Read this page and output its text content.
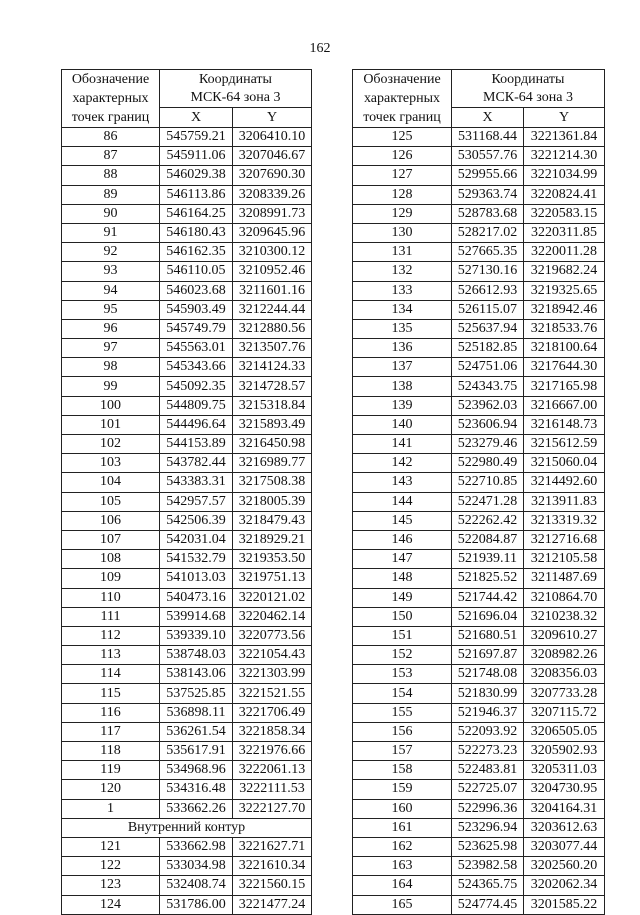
162
Обозначение
характерных
точек границ	Координаты	
	МСК-64 зона 3	
	X	Y
86	545759.21	3206410.10
87	545911.06	3207046.67
88	546029.38	3207690.30
89	546113.86	3208339.26
90	546164.25	3208991.73
91	546180.43	3209645.96
92	546162.35	3210300.12
93	546110.05	3210952.46
94	546023.68	3211601.16
95	545903.49	3212244.44
96	545749.79	3212880.56
97	545563.01	3213507.76
98	545343.66	3214124.33
99	545092.35	3214728.57
100	544809.75	3215318.84
101	544496.64	3215893.49
102	544153.89	3216450.98
103	543782.44	3216989.77
104	543383.31	3217508.38
105	542957.57	3218005.39
106	542506.39	3218479.43
107	542031.04	3218929.21
108	541532.79	3219353.50
109	541013.03	3219751.13
110	540473.16	3220121.02
111	539914.68	3220462.14
112	539339.10	3220773.56
113	538748.03	3221054.43
114	538143.06	3221303.99
115	537525.85	3221521.55
116	536898.11	3221706.49
117	536261.54	3221858.34
118	535617.91	3221976.66
119	534968.96	3222061.13
120	534316.48	3222111.53
1	533662.26	3222127.70
Внутренний контур		
121	533662.98	3221627.71
122	533034.98	3221610.34
123	532408.74	3221560.15
124	531786.00	3221477.24
Обозначение
характерных
точек границ	Координаты	
	МСК-64 зона 3	
	X	Y
125	531168.44	3221361.84
126	530557.76	3221214.30
127	529955.66	3221034.99
128	529363.74	3220824.41
129	528783.68	3220583.15
130	528217.02	3220311.85
131	527665.35	3220011.28
132	527130.16	3219682.24
133	526612.93	3219325.65
134	526115.07	3218942.46
135	525637.94	3218533.76
136	525182.85	3218100.64
137	524751.06	3217644.30
138	524343.75	3217165.98
139	523962.03	3216667.00
140	523606.94	3216148.73
141	523279.46	3215612.59
142	522980.49	3215060.04
143	522710.85	3214492.60
144	522471.28	3213911.83
145	522262.42	3213319.32
146	522084.87	3212716.68
147	521939.11	3212105.58
148	521825.52	3211487.69
149	521744.42	3210864.70
150	521696.04	3210238.32
151	521680.51	3209610.27
152	521697.87	3208982.26
153	521748.08	3208356.03
154	521830.99	3207733.28
155	521946.37	3207115.72
156	522093.92	3206505.05
157	522273.23	3205902.93
158	522483.81	3205311.03
159	522725.07	3204730.95
160	522996.36	3204164.31
161	523296.94	3203612.63
162	523625.98	3203077.44
163	523982.58	3202560.20
164	524365.75	3202062.34
165	524774.45	3201585.22
